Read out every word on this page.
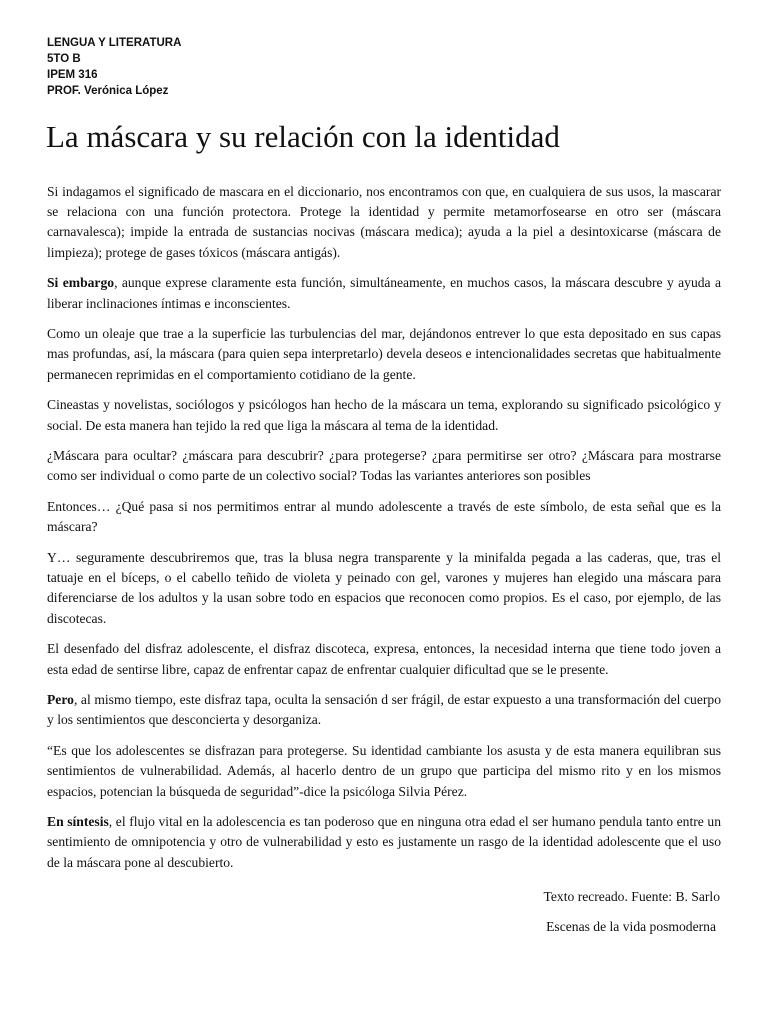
LENGUA Y LITERATURA
5TO B
IPEM 316
PROF. Verónica López
La máscara y su relación con la identidad

Si indagamos el significado de mascara en el diccionario, nos encontramos con que, en cualquiera de sus usos, la mascarar se relaciona con una función protectora. Protege la identidad y permite metamorfosearse en otro ser (máscara carnavalesca); impide la entrada de sustancias nocivas (máscara medica); ayuda a la piel a desintoxicarse (máscara de limpieza); protege de gases tóxicos (máscara antigás).

Si embargo, aunque exprese claramente esta función, simultáneamente, en muchos casos, la máscara descubre y ayuda a liberar inclinaciones íntimas e inconscientes.

Como un oleaje que trae a la superficie las turbulencias del mar, dejándonos entrever lo que esta depositado en sus capas mas profundas, así, la máscara (para quien sepa interpretarlo) devela deseos e intencionalidades secretas que habitualmente permanecen reprimidas en el comportamiento cotidiano de la gente.

Cineastas y novelistas, sociólogos y psicólogos han hecho de la máscara un tema, explorando su significado psicológico y social. De esta manera han tejido la red que liga la máscara al tema de la identidad.

¿Máscara para ocultar? ¿máscara para descubrir? ¿para protegerse? ¿para permitirse ser otro? ¿Máscara para mostrarse como ser individual o como parte de un colectivo social? Todas las variantes anteriores son posibles

Entonces… ¿Qué pasa si nos permitimos entrar al mundo adolescente a través de este símbolo, de esta señal que es la máscara?

Y… seguramente descubriremos que, tras la blusa negra transparente y la minifalda pegada a las caderas, que, tras el tatuaje en el bíceps, o el cabello teñido de violeta y peinado con gel, varones y mujeres han elegido una máscara para diferenciarse de los adultos y la usan sobre todo en espacios que reconocen como propios. Es el caso, por ejemplo, de las discotecas.

El desenfado del disfraz adolescente, el disfraz discoteca, expresa, entonces, la necesidad interna que tiene todo joven a esta edad de sentirse libre, capaz de enfrentar capaz de enfrentar cualquier dificultad que se le presente.

Pero, al mismo tiempo, este disfraz tapa, oculta la sensación d ser frágil, de estar expuesto a una transformación del cuerpo y los sentimientos que desconcierta y desorganiza.

“Es que los adolescentes se disfrazan para protegerse. Su identidad cambiante los asusta y de esta manera equilibran sus sentimientos de vulnerabilidad. Además, al hacerlo dentro de un grupo que participa del mismo rito y en los mismos espacios, potencian la búsqueda de seguridad”-dice la psicóloga Silvia Pérez.

En síntesis, el flujo vital en la adolescencia es tan poderoso que en ninguna otra edad el ser humano pendula tanto entre un sentimiento de omnipotencia y otro de vulnerabilidad y esto es justamente un rasgo de la identidad adolescente que el uso de la máscara pone al descubierto.

Texto recreado. Fuente: B. Sarlo
Escenas de la vida posmoderna
